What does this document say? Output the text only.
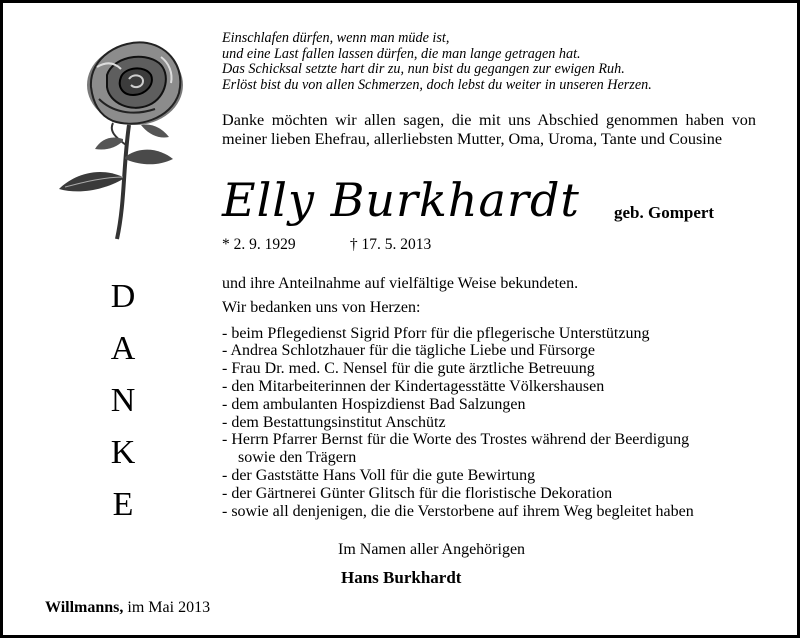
Einschlafen dürfen, wenn man müde ist,
und eine Last fallen lassen dürfen, die man lange getragen hat.
Das Schicksal setzte hart dir zu, nun bist du gegangen zur ewigen Ruh.
Erlöst bist du von allen Schmerzen, doch lebst du weiter in unseren Herzen.
Danke möchten wir allen sagen, die mit uns Abschied genommen haben von meiner lieben Ehefrau, allerliebsten Mutter, Oma, Uroma, Tante und Cousine
Elly Burkhardt geb. Gompert
* 2. 9. 1929	† 17. 5. 2013
D
A
N
K
E

und ihre Anteilnahme auf vielfältige Weise bekundeten.

Wir bedanken uns von Herzen:

- beim Pflegedienst Sigrid Pforr für die pflegerische Unterstützung
- Andrea Schlotzhauer für die tägliche Liebe und Fürsorge
- Frau Dr. med. C. Nensel für die gute ärztliche Betreuung
- den Mitarbeiterinnen der Kindertagesstätte Völkershausen
- dem ambulanten Hospizdienst Bad Salzungen
- dem Bestattungsinstitut Anschütz
- Herrn Pfarrer Bernst für die Worte des Trostes während der Beerdigung
sowie den Trägern
- der Gaststätte Hans Voll für die gute Bewirtung
- der Gärtnerei Günter Glitsch für die floristische Dekoration
- sowie all denjenigen, die die Verstorbene auf ihrem Weg begleitet haben
Im Namen aller Angehörigen
Hans Burkhardt
Willmanns, im Mai 2013
